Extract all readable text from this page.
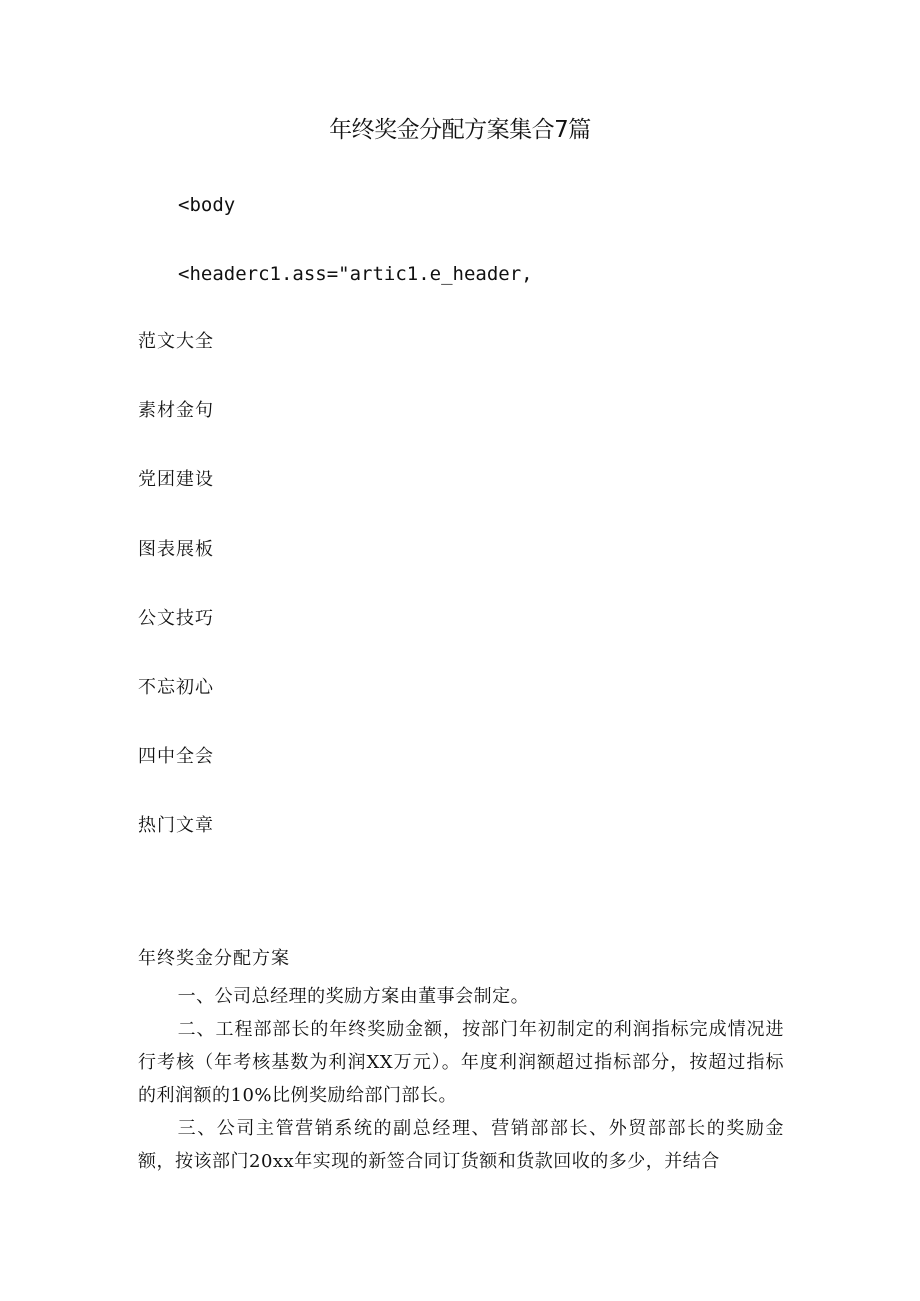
年终奖金分配方案集合7篇
<body
<headerc1.ass="artic1.e_header,
范文大全
素材金句
党团建设
图表展板
公文技巧
不忘初心
四中全会
热门文章
年终奖金分配方案

一、公司总经理的奖励方案由董事会制定。

二、工程部部长的年终奖励金额，按部门年初制定的利润指标完成情况进行考核（年考核基数为利润XX万元）。年度利润额超过指标部分，按超过指标的利润额的10%比例奖励给部门部长。

三、公司主管营销系统的副总经理、营销部部长、外贸部部长的奖励金额，按该部门20xx年实现的新签合同订货额和货款回收的多少，并结合
